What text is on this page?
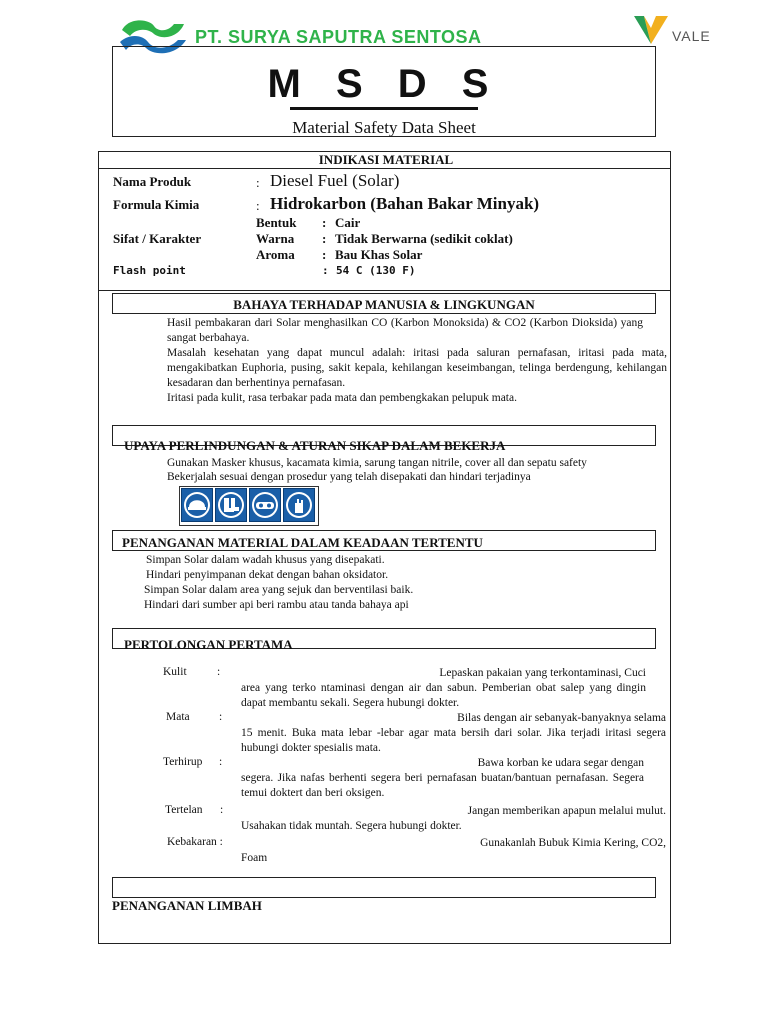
PT. SURYA SAPUTRA SENTOSA	VALE
M S D S
Material Safety Data Sheet
INDIKASI MATERIAL
Nama Produk	: Diesel Fuel (Solar)
Formula Kimia	: Hidrokarbon (Bahan Bakar Minyak)
Bentuk : Cair
Sifat / Karakter	Warna : Tidak Berwarna (sedikit coklat)
Aroma : Bau Khas Solar
Flash point	: 54 C (130 F)
BAHAYA TERHADAP MANUSIA & LINGKUNGAN
Hasil pembakaran dari Solar menghasilkan CO (Karbon Monoksida) & CO2 (Karbon Dioksida) yang sangat berbahaya.
Masalah kesehatan yang dapat muncul adalah: iritasi pada saluran pernafasan, iritasi pada mata, mengakibatkan Euphoria, pusing, sakit kepala, kehilangan keseimbangan, telinga berdengung, kehilangan kesadaran dan berhentinya pernafasan.
Iritasi pada kulit, rasa terbakar pada mata dan pembengkakan pelupuk mata.
UPAYA PERLINDUNGAN & ATURAN SIKAP DALAM BEKERJA
Gunakan Masker khusus, kacamata kimia, sarung tangan nitrile, cover all dan sepatu safety
Bekerjalah sesuai dengan prosedur yang telah disepakati dan hindari terjadinya
PENANGANAN MATERIAL DALAM KEADAAN TERTENTU
Simpan Solar dalam wadah khusus yang disepakati.
Hindari penyimpanan dekat dengan bahan oksidator.
Simpan Solar dalam area yang sejuk dan berventilasi baik.
Hindari dari sumber api beri rambu atau tanda bahaya api
PERTOLONGAN PERTAMA
Kulit	:	Lepaskan pakaian yang terkontaminasi, Cuci
area yang terko ntaminasi dengan air dan sabun. Pemberian obat salep yang dingin dapat membantu sekali. Segera hubungi dokter.
Mata	:	Bilas dengan air sebanyak-banyaknya selama
15 menit. Buka mata lebar -lebar agar mata bersih dari solar. Jika terjadi iritasi segera hubungi dokter spesialis mata.
Terhirup :	Bawa korban ke udara segar dengan
segera. Jika nafas berhenti segera beri pernafasan buatan/bantuan pernafasan. Segera temui doktert dan beri oksigen.
Tertelan :	Jangan memberikan apapun melalui mulut.
Usahakan tidak muntah. Segera hubungi dokter.
Kebakaran :	Gunakanlah Bubuk Kimia Kering, CO2,
Foam
PENANGANAN LIMBAH
